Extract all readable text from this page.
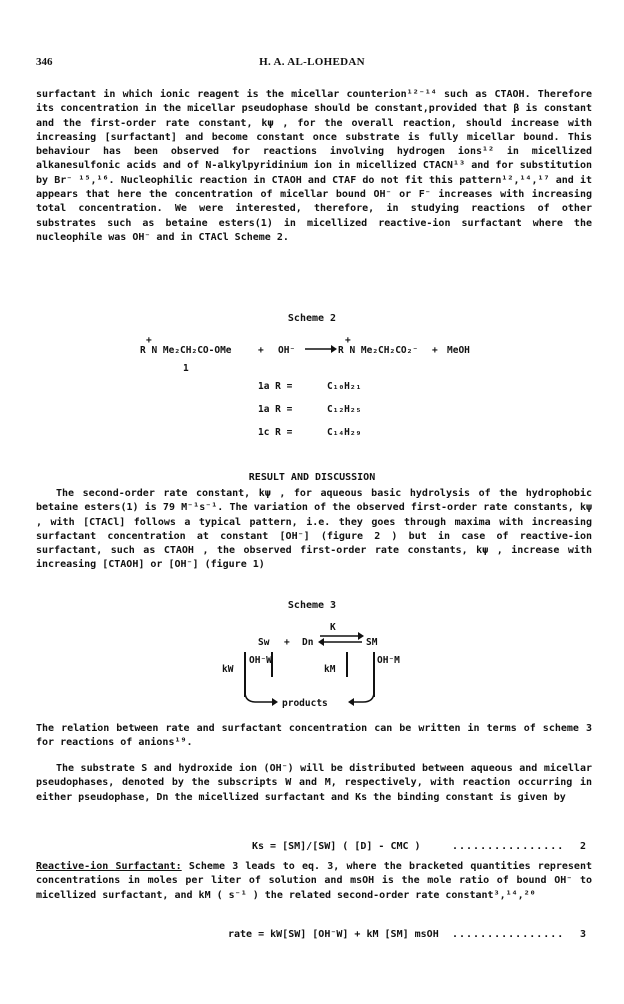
346	H. A. AL-LOHEDAN
surfactant in which ionic reagent is the micellar counterion¹²⁻¹⁴ such as CTAOH. Therefore its concentration in the micellar pseudophase should be constant,provided that β is constant and the first-order rate constant, kψ , for the overall reaction, should increase with increasing [surfactant] and become constant once substrate is fully micellar bound. This behaviour has been observed for reactions involving hydrogen ions¹² in micellized alkanesulfonic acids and of N-alkylpyridinium ion in micellized CTACN¹³ and for substitution by Br⁻ ¹⁵,¹⁶. Nucleophilic reaction in CTAOH and CTAF do not fit this pattern¹²,¹⁴,¹⁷ and it appears that here the concentration of micellar bound OH⁻ or F⁻ increases with increasing total concentration. We were interested, therefore, in studying reactions of other substrates such as betaine esters(1) in micellized reactive-ion surfactant where the nucleophile was OH⁻ and in CTACl Scheme 2.
Scheme 2
+	+
R N Me₂CH₂CO-OMe	+ OH⁻ → R N Me₂CH₂CO₂⁻ + MeOH
1
1a R =	C₁₀H₂₁
1a R =	C₁₂H₂₅
1c R =	C₁₄H₂₉
RESULT AND DISCUSSION
The second-order rate constant, kψ , for aqueous basic hydrolysis of the hydrophobic betaine esters(1) is 79 M⁻¹s⁻¹. The variation of the observed first-order rate constants, kψ , with [CTACl] follows a typical pattern, i.e. they goes through maxima with increasing surfactant concentration at constant [OH⁻] (figure 2 ) but in case of reactive-ion surfactant, such as CTAOH , the observed first-order rate constants, kψ , increase with increasing [CTAOH] or [OH⁻] (figure 1)
Scheme 3
K
Sw + Dn ⇌ SM
kW
OH⁻W
kM
OH⁻M
products
The relation between rate and surfactant concentration can be written in terms of scheme 3 for reactions of anions¹⁹.
The substrate S and hydroxide ion (OH⁻) will be distributed between aqueous and micellar pseudophases, denoted by the subscripts W and M, respectively, with reaction occurring in either pseudophase, Dn the micellized surfactant and Ks the binding constant is given by
Ks = [SM]/[SW] ( [D] - CMC )	................ 2
Reactive-ion Surfactant: Scheme 3 leads to eq. 3, where the bracketed quantities represent concentrations in moles per liter of solution and msOH is the mole ratio of bound OH⁻ to micellized surfactant, and kM ( s⁻¹ ) the related second-order rate constant³,¹⁴,²⁰
rate = kW[SW] [OH⁻W] + kM [SM] msOH ................ 3
